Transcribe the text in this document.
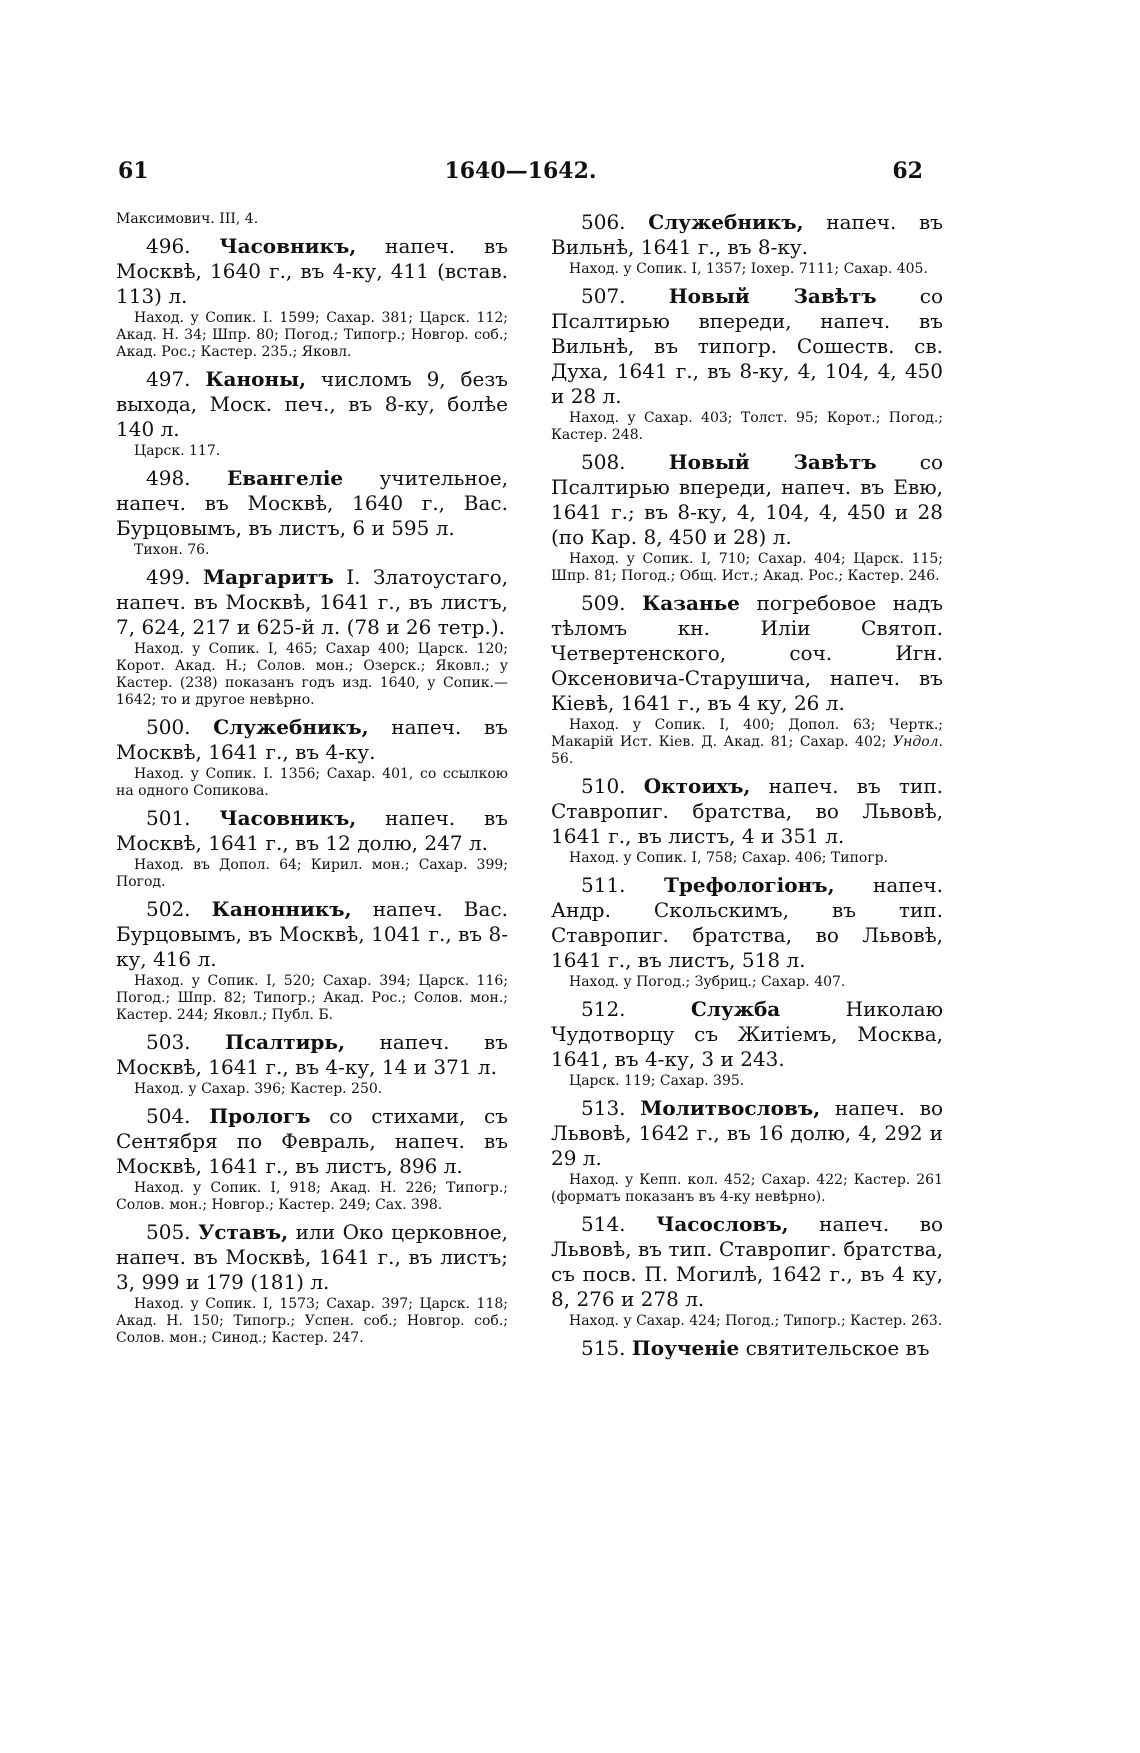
61	1640—1642.	62
Максимович. III, 4.

496. Часовникъ, напеч. въ Москвѣ, 1640 г., въ 4-ку, 411 (встав. 113) л.

Наход. у Сопик. I. 1599; Сахар. 381; Царск. 112; Акад. Н. 34; Шпр. 80; Погод.; Типогр.; Новгор. соб.; Акад. Рос.; Кастер. 235.; Яковл.

497. Каноны, числомъ 9, безъ выхода, Моск. печ., въ 8-ку, болѣе 140 л.

Царск. 117.

498. Евангеліе учительное, напеч. въ Москвѣ, 1640 г., Вас. Бурцовымъ, въ листъ, 6 и 595 л.

Тихон. 76.

499. Маргаритъ I. Златоустаго, напеч. въ Москвѣ, 1641 г., въ листъ, 7, 624, 217 и 625-й л. (78 и 26 тетр.).

Наход. у Сопик. I, 465; Сахар 400; Царск. 120; Корот. Акад. Н.; Солов. мон.; Озерск.; Яковл.; у Кастер. (238) показанъ годъ изд. 1640, у Сопик.—1642; то и другое невѣрно.

500. Служебникъ, напеч. въ Москвѣ, 1641 г., въ 4-ку.

Наход. у Сопик. I. 1356; Сахар. 401, со ссылкою на одного Сопикова.

501. Часовникъ, напеч. въ Москвѣ, 1641 г., въ 12 долю, 247 л.

Наход. въ Допол. 64; Кирил. мон.; Сахар. 399; Погод.

502. Канонникъ, напеч. Вас. Бурцовымъ, въ Москвѣ, 1041 г., въ 8-ку, 416 л.

Наход. у Сопик. I, 520; Сахар. 394; Царск. 116; Погод.; Шпр. 82; Типогр.; Акад. Рос.; Солов. мон.; Кастер. 244; Яковл.; Публ. Б.

503. Псалтирь, напеч. въ Москвѣ, 1641 г., въ 4-ку, 14 и 371 л.

Наход. у Сахар. 396; Кастер. 250.

504. Прологъ со стихами, съ Сентября по Февраль, напеч. въ Москвѣ, 1641 г., въ листъ, 896 л.

Наход. у Сопик. I, 918; Акад. Н. 226; Типогр.; Солов. мон.; Новгор.; Кастер. 249; Сах. 398.

505. Уставъ, или Око церковное, напеч. въ Москвѣ, 1641 г., въ листъ; 3, 999 и 179 (181) л.

Наход. у Сопик. I, 1573; Сахар. 397; Царск. 118; Акад. Н. 150; Типогр.; Успен. соб.; Новгор. соб.; Солов. мон.; Синод.; Кастер. 247.

506. Служебникъ, напеч. въ Вильнѣ, 1641 г., въ 8-ку.

Наход. у Сопик. I, 1357; Iохер. 7111; Сахар. 405.

507. Новый Завѣтъ со Псалтирью впереди, напеч. въ Вильнѣ, въ типогр. Сошеств. св. Духа, 1641 г., въ 8-ку, 4, 104, 4, 450 и 28 л.

Наход. у Сахар. 403; Толст. 95; Корот.; Погод.; Кастер. 248.

508. Новый Завѣтъ со Псалтирью впереди, напеч. въ Евю, 1641 г.; въ 8-ку, 4, 104, 4, 450 и 28 (по Кар. 8, 450 и 28) л.

Наход. у Сопик. I, 710; Сахар. 404; Царск. 115; Шпр. 81; Погод.; Общ. Ист.; Акад. Рос.; Кастер. 246.

509. Казанье погребовое надъ тѣломъ кн. Иліи Святоп. Четвертенского, соч. Игн. Оксеновича-Старушича, напеч. въ Кіевѣ, 1641 г., въ 4 ку, 26 л.

Наход. у Сопик. I, 400; Допол. 63; Чертк.; Макарій Ист. Кіев. Д. Акад. 81; Сахар. 402; Ундол. 56.

510. Октоихъ, напеч. въ тип. Ставропиг. братства, во Львовѣ, 1641 г., въ листъ, 4 и 351 л.

Наход. у Сопик. I, 758; Сахар. 406; Типогр.

511. Трефологіонъ, напеч. Андр. Скольскимъ, въ тип. Ставропиг. братства, во Львовѣ, 1641 г., въ листъ, 518 л.

Наход. у Погод.; Зубриц.; Сахар. 407.

512.	Служба Николаю Чудотворцу съ Житіемъ, Москва, 1641, въ 4-ку, 3 и 243.

Царск. 119; Сахар. 395.

513. Молитвословъ, напеч. во Львовѣ, 1642 г., въ 16 долю, 4, 292 и 29 л.

Наход. у Кепп. кол. 452; Сахар. 422; Кастер. 261 (форматъ показанъ въ 4-ку невѣрно).

514. Часословъ, напеч. во Львовѣ, въ тип. Ставропиг. братства, съ посв. П. Могилѣ, 1642 г., въ 4 ку, 8, 276 и 278 л.

Наход. у Сахар. 424; Погод.; Типогр.; Кастер. 263.

515. Поученіе святительское въ
